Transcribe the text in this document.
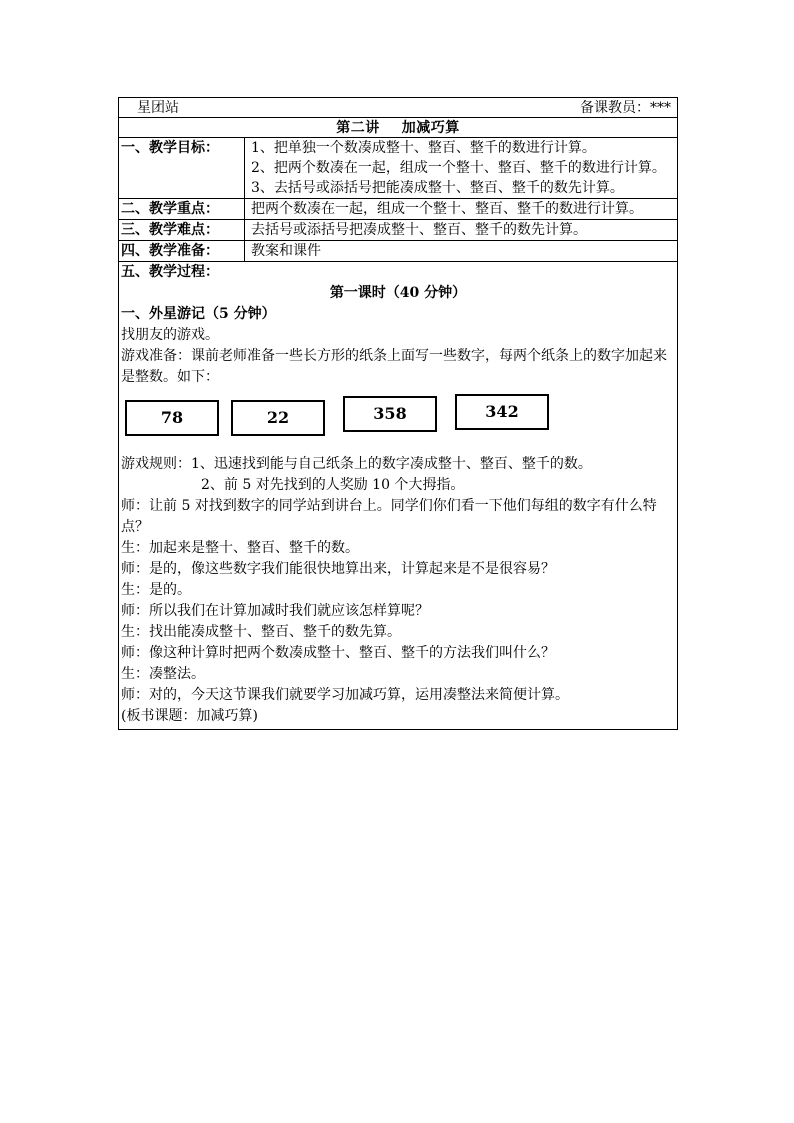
星团站	备课教员：***
第二讲 加减巧算
一、教学目标：	1、把单独一个数凑成整十、整百、整千的数进行计算。

2、把两个数凑在一起，组成一个整十、整百、整千的数进行计算。

3、去括号或添括号把能凑成整十、整百、整千的数先计算。

二、教学重点：	把两个数凑在一起，组成一个整十、整百、整千的数进行计算。

三、教学难点：	去括号或添括号把凑成整十、整百、整千的数先计算。

四、教学准备：	教案和课件

五、教学过程：

第一课时（40 分钟）

一、外星游记（5 分钟）

找朋友的游戏。

游戏准备：课前老师准备一些长方形的纸条上面写一些数字，每两个纸条上的数字加起来是整数。如下：

78	22	358	342

游戏规则：1、迅速找到能与自己纸条上的数字凑成整十、整百、整千的数。

2、前 5 对先找到的人奖励 10 个大拇指。

师：让前 5 对找到数字的同学站到讲台上。同学们你们看一下他们每组的数字有什么特点？

生：加起来是整十、整百、整千的数。

师：是的，像这些数字我们能很快地算出来，计算起来是不是很容易？

生：是的。

师：所以我们在计算加减时我们就应该怎样算呢？

生：找出能凑成整十、整百、整千的数先算。

师：像这种计算时把两个数凑成整十、整百、整千的方法我们叫什么？

生：凑整法。

师：对的，今天这节课我们就要学习加减巧算，运用凑整法来简便计算。

(板书课题：加减巧算)
